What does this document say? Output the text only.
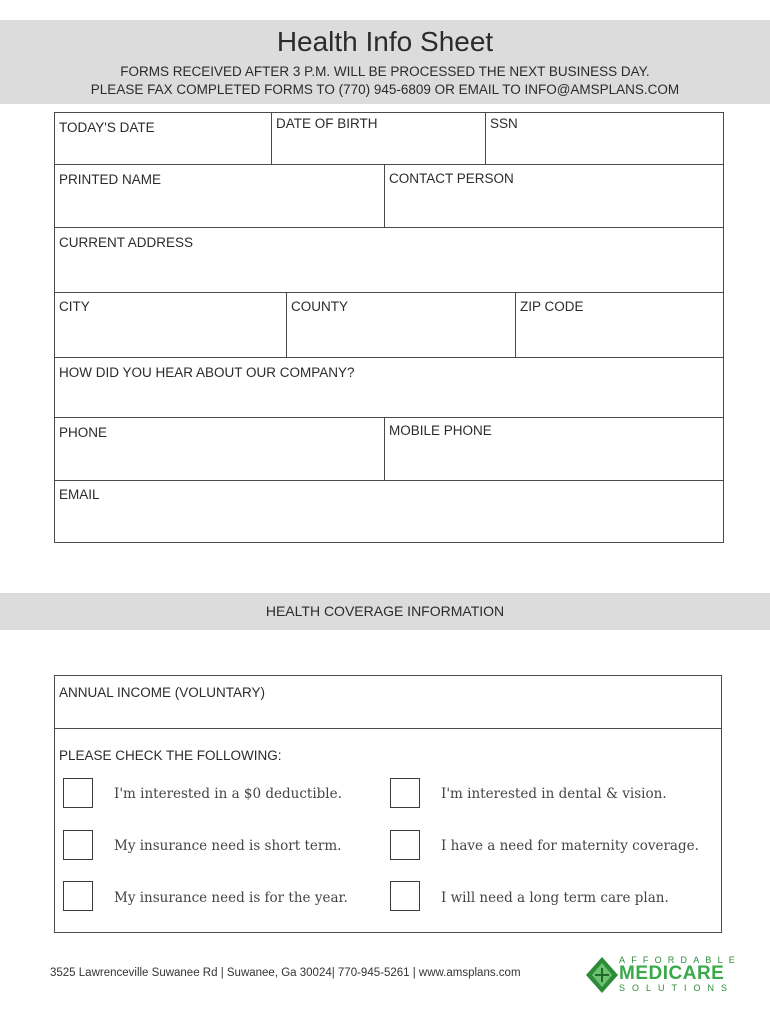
Health Info Sheet
FORMS RECEIVED AFTER 3 P.M. WILL BE PROCESSED THE NEXT BUSINESS DAY.
PLEASE FAX COMPLETED FORMS TO (770) 945-6809 OR EMAIL TO INFO@AMSPLANS.COM
TODAY'S DATE	DATE OF BIRTH	SSN
PRINTED NAME	CONTACT PERSON
CURRENT ADDRESS
CITY	COUNTY	ZIP CODE
HOW DID YOU HEAR ABOUT OUR COMPANY?
PHONE	MOBILE PHONE
EMAIL
HEALTH COVERAGE INFORMATION
ANNUAL INCOME (VOLUNTARY)
PLEASE CHECK THE FOLLOWING:
I'm interested in a $0 deductible.	I'm interested in dental & vision.
My insurance need is short term.	I have a need for maternity coverage.
My insurance need is for the year.	I will need a long term care plan.
3525 Lawrenceville Suwanee Rd | Suwanee, Ga 30024| 770-945-5261 | www.amsplans.com
AFFORDABLE
MEDICARE
SOLUTIONS
